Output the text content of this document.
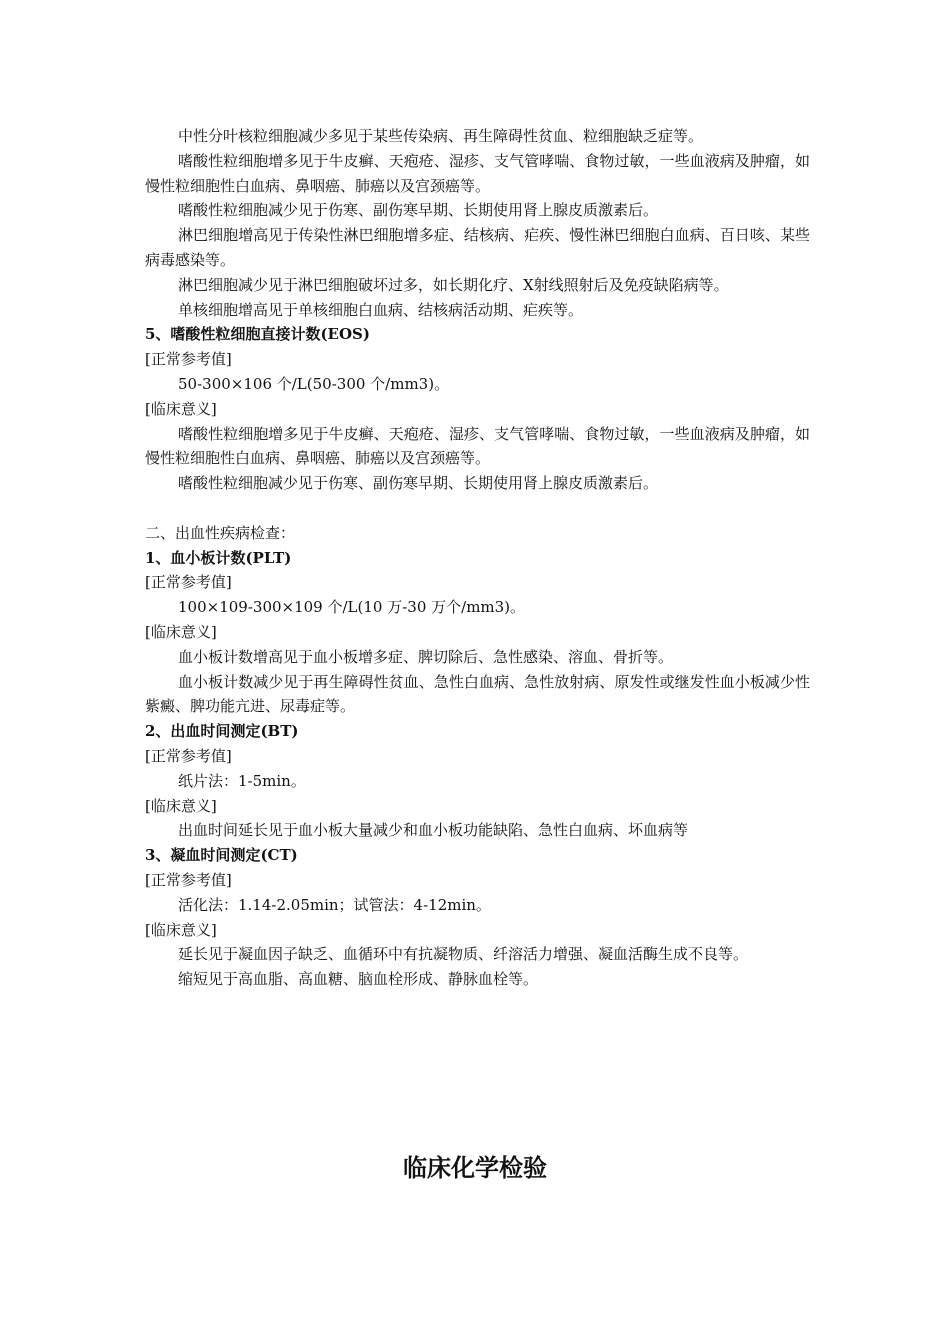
中性分叶核粒细胞减少多见于某些传染病、再生障碍性贫血、粒细胞缺乏症等。
嗜酸性粒细胞增多见于牛皮癣、天疱疮、湿疹、支气管哮喘、食物过敏，一些血液病及肿瘤，如慢性粒细胞性白血病、鼻咽癌、肺癌以及宫颈癌等。
嗜酸性粒细胞减少见于伤寒、副伤寒早期、长期使用肾上腺皮质激素后。
淋巴细胞增高见于传染性淋巴细胞增多症、结核病、疟疾、慢性淋巴细胞白血病、百日咳、某些病毒感染等。
淋巴细胞减少见于淋巴细胞破坏过多，如长期化疗、X射线照射后及免疫缺陷病等。
单核细胞增高见于单核细胞白血病、结核病活动期、疟疾等。
5、嗜酸性粒细胞直接计数(EOS)
[正常参考值]
50-300×106 个/L(50-300 个/mm3)。
[临床意义]
嗜酸性粒细胞增多见于牛皮癣、天疱疮、湿疹、支气管哮喘、食物过敏，一些血液病及肿瘤，如慢性粒细胞性白血病、鼻咽癌、肺癌以及宫颈癌等。
嗜酸性粒细胞减少见于伤寒、副伤寒早期、长期使用肾上腺皮质激素后。
二、出血性疾病检查：
1、血小板计数(PLT)
[正常参考值]
100×109-300×109 个/L(10 万-30 万个/mm3)。
[临床意义]
血小板计数增高见于血小板增多症、脾切除后、急性感染、溶血、骨折等。
血小板计数减少见于再生障碍性贫血、急性白血病、急性放射病、原发性或继发性血小板减少性紫癜、脾功能亢进、尿毒症等。
2、出血时间测定(BT)
[正常参考值]
纸片法：1-5min。
[临床意义]
出血时间延长见于血小板大量减少和血小板功能缺陷、急性白血病、坏血病等
3、凝血时间测定(CT)
[正常参考值]
活化法：1.14-2.05min；试管法：4-12min。
[临床意义]
延长见于凝血因子缺乏、血循环中有抗凝物质、纤溶活力增强、凝血活酶生成不良等。
缩短见于高血脂、高血糖、脑血栓形成、静脉血栓等。
临床化学检验
